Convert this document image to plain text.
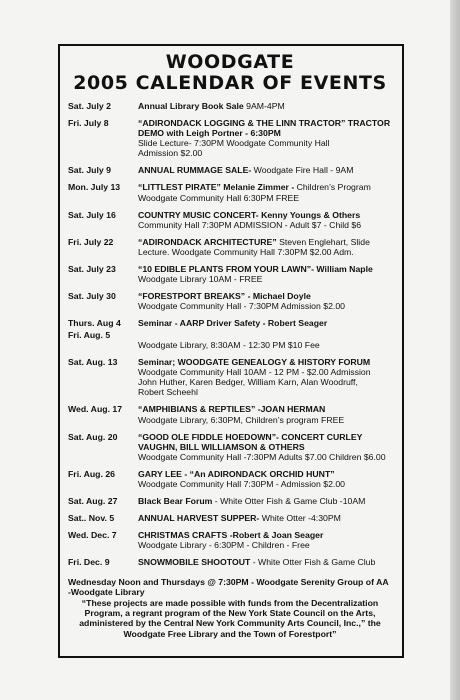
WOODGATE
2005 CALENDAR OF EVENTS
Sat. July 2	Annual Library Book Sale 9AM-4PM
Fri. July 8	“ADIRONDACK LOGGING & THE LINN TRACTOR” TRACTOR DEMO with Leigh Portner - 6:30PM
Slide Lecture- 7:30PM Woodgate Community Hall
Admission $2.00
Sat. July 9	ANNUAL RUMMAGE SALE- Woodgate Fire Hall - 9AM
Mon. July 13	“LITTLEST PIRATE” Melanie Zimmer - Children’s Program
Woodgate Community Hall 6:30PM FREE
Sat. July 16	COUNTRY MUSIC CONCERT- Kenny Youngs & Others
Community Hall 7:30PM ADMISSION - Adult $7 - Child $6
Fri. July 22	“ADIRONDACK ARCHITECTURE” Steven Englehart, Slide
Lecture. Woodgate Community Hall 7:30PM $2.00 Adm.
Sat. July 23	“10 EDIBLE PLANTS FROM YOUR LAWN”- William Naple
Woodgate Library 10AM - FREE
Sat. July 30	“FORESTPORT BREAKS” - Michael Doyle
Woodgate Community Hall - 7:30PM Admission $2.00
Thurs. Aug 4	Seminar - AARP Driver Safety - Robert Seager
Fri. Aug. 5

Woodgate Library, 8:30AM - 12:30 PM $10 Fee
Sat. Aug. 13	Seminar; WOODGATE GENEALOGY & HISTORY FORUM
Woodgate Community Hall 10AM - 12 PM - $2.00 Admission
John Huther, Karen Bedger, William Karn, Alan Woodruff,
Robert Scheehl
Wed. Aug. 17	“AMPHIBIANS & REPTILES” -JOAN HERMAN
Woodgate Library, 6:30PM, Children’s program FREE
Sat. Aug. 20	“GOOD OLE FIDDLE HOEDOWN”- CONCERT CURLEY VAUGHN, BILL WILLIAMSON & OTHERS
Woodgate Community Hall -7:30PM Adults $7.00 Children $6.00
Fri. Aug. 26	GARY LEE - “An ADIRONDACK ORCHID HUNT”
Woodgate Community Hall 7:30PM - Admission $2.00
Sat. Aug. 27	Black Bear Forum - White Otter Fish & Game Club -10AM
Sat.. Nov. 5	ANNUAL HARVEST SUPPER- White Otter -4:30PM
Wed. Dec. 7	CHRISTMAS CRAFTS -Robert & Joan Seager
Woodgate Library - 6:30PM - Children - Free
Fri. Dec. 9	SNOWMOBILE SHOOTOUT - White Otter Fish & Game Club
Wednesday Noon and Thursdays @ 7:30PM - Woodgate Serenity Group of AA -Woodgate Library
“These projects are made possible with funds from the Decentralization Program, a regrant program of the New York State Council on the Arts, administered by the Central New York Community Arts Council, Inc.,” the Woodgate Free Library and the Town of Forestport”
